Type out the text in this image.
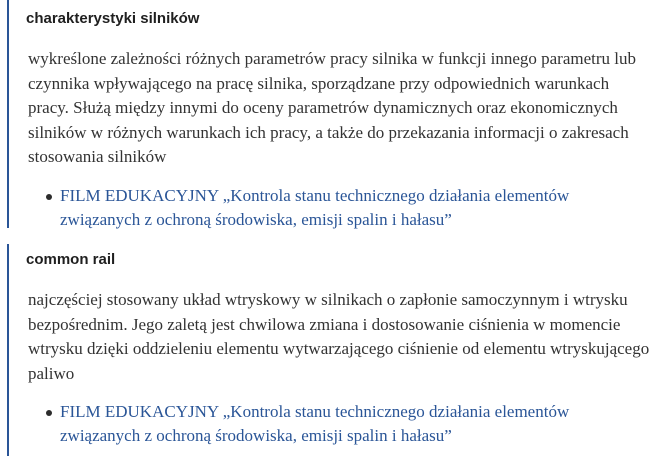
charakterystyki silników

wykreślone zależności różnych parametrów pracy silnika w funkcji innego parametru lub czynnika wpływającego na pracę silnika, sporządzane przy odpowiednich warunkach pracy. Służą między innymi do oceny parametrów dynamicznych oraz ekonomicznych silników w różnych warunkach ich pracy, a także do przekazania informacji o zakresach stosowania silników

FILM EDUKACYJNY „Kontrola stanu technicznego działania elementów związanych z ochroną środowiska, emisji spalin i hałasu”
common rail

najczęściej stosowany układ wtryskowy w silnikach o zapłonie samoczynnym i wtrysku bezpośrednim. Jego zaletą jest chwilowa zmiana i dostosowanie ciśnienia w momencie wtrysku dzięki oddzieleniu elementu wytwarzającego ciśnienie od elementu wtryskującego paliwo

FILM EDUKACYJNY „Kontrola stanu technicznego działania elementów związanych z ochroną środowiska, emisji spalin i hałasu”
